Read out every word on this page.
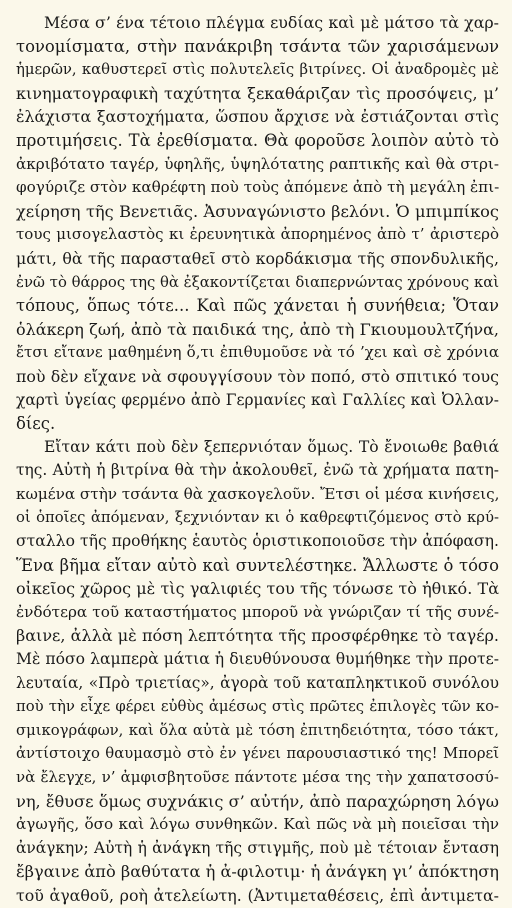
Μέσα σ’ ένα τέτοιο πλέγμα ευδίας καὶ μὲ μάτσο τὰ χαρ-
τονομίσματα, στὴν πανάκριβη τσάντα τῶν χαρισάμενων
ἡμερῶν, καθυστερεῖ στὶς πολυτελεῖς βιτρίνες. Οἱ ἀναδρομὲς μὲ
κινηματογραφικὴ ταχύτητα ξεκαθάριζαν τὶς προσόψεις, μ’
ἐλάχιστα ξαστοχήματα, ὥσπου ἄρχισε νὰ ἐστιάζονται στὶς
προτιμήσεις. Τὰ ἐρεθίσματα. Θὰ φοροῦσε λοιπὸν αὐτὸ τὸ
ἀκριβότατο ταγέρ, ὑφηλῆς, ὑψηλότατης ραπτικῆς καὶ θὰ στρι-
φογύριζε στὸν καθρέφτη ποὺ τοὺς ἀπόμενε ἀπὸ τὴ μεγάλη ἐπι-
χείρηση τῆς Βενετιᾶς. Ἀσυναγώνιστο βελόνι. Ὁ μπιμπίκος
τους μισογελαστὸς κι ἐρευνητικὰ ἀπορημένος ἀπὸ τ’ ἀριστερὸ
μάτι, θὰ τῆς παρασταθεῖ στὸ κορδάκισμα τῆς σπονδυλικῆς,
ἐνῶ τὸ θάρρος της θὰ ἐξακοντίζεται διαπερνώντας χρόνους καὶ
τόπους, ὅπως τότε... Καὶ πῶς χάνεται ἡ συνήθεια; Ὅταν
ὁλάκερη ζωή, ἀπὸ τὰ παιδικά της, ἀπὸ τὴ Γκιουμουλτζήνα,
ἔτσι εἴτανε μαθημένη ὅ,τι ἐπιθυμοῦσε νὰ τό ’χει καὶ σὲ χρόνια
ποὺ δὲν εἴχανε νὰ σφουγγίσουν τὸν ποπό, στὸ σπιτικό τους
χαρτὶ ὑγείας φερμένο ἀπὸ Γερμανίες καὶ Γαλλίες καὶ Ὀλλαν-
δίες.
Εἴταν κάτι ποὺ δὲν ξεπερνιόταν ὅμως. Τὸ ἔνοιωθε βαθιά
της. Αὐτὴ ἡ βιτρίνα θὰ τὴν ἀκολουθεῖ, ἐνῶ τὰ χρήματα πατη-
κωμένα στὴν τσάντα θὰ χασκογελοῦν. Ἔτσι οἱ μέσα κινήσεις,
οἱ ὁποῖες ἀπόμεναν, ξεχνιόνταν κι ὁ καθρεφτιζόμενος στὸ κρύ-
σταλλο τῆς προθήκης ἑαυτὸς ὁριστικοποιοῦσε τὴν ἀπόφαση.
Ἕνα βῆμα εἴταν αὐτὸ καὶ συντελέστηκε. Ἄλλωστε ὁ τόσο
οἰκεῖος χῶρος μὲ τὶς γαλιφιές του τῆς τόνωσε τὸ ἠθικό. Τὰ
ἐνδότερα τοῦ καταστήματος μποροῦ νὰ γνώριζαν τί τῆς συνέ-
βαινε, ἀλλὰ μὲ πόση λεπτότητα τῆς προσφέρθηκε τὸ ταγέρ.
Μὲ πόσο λαμπερὰ μάτια ἡ διευθύνουσα θυμήθηκε τὴν προτε-
λευταία, «Πρὸ τριετίας», ἀγορὰ τοῦ καταπληκτικοῦ συνόλου
ποὺ τὴν εἶχε φέρει εὐθὺς ἀμέσως στὶς πρῶτες ἐπιλογὲς τῶν κο-
σμικογράφων, καὶ ὅλα αὐτὰ μὲ τόση ἐπιτηδειότητα, τόσο τάκτ,
ἀντίστοιχο θαυμασμὸ στὸ ἐν γένει παρουσιαστικό της! Μπορεῖ
νὰ ἔλεγχε, ν’ ἀμφισβητοῦσε πάντοτε μέσα της τὴν χαπατσοσύ-
νη, ἔθυσε ὅμως συχνάκις σ’ αὐτήν, ἀπὸ παραχώρηση λόγω
ἀγωγῆς, ὅσο καὶ λόγω συνθηκῶν. Καὶ πῶς νὰ μὴ ποιεῖσαι τὴν
ἀνάγκην; Αὐτὴ ἡ ἀνάγκη τῆς στιγμῆς, ποὺ μὲ τέτοιαν ἔνταση
ἔβγαινε ἀπὸ βαθύτατα ἡ ἀ-φιλοτιμ· ἡ ἀνάγκη γι’ ἀπόκτηση
τοῦ ἀγαθοῦ, ροὴ ἀτελείωτη. (Ἀντιμεταθέσεις, ἐπὶ ἀντιμετα-
